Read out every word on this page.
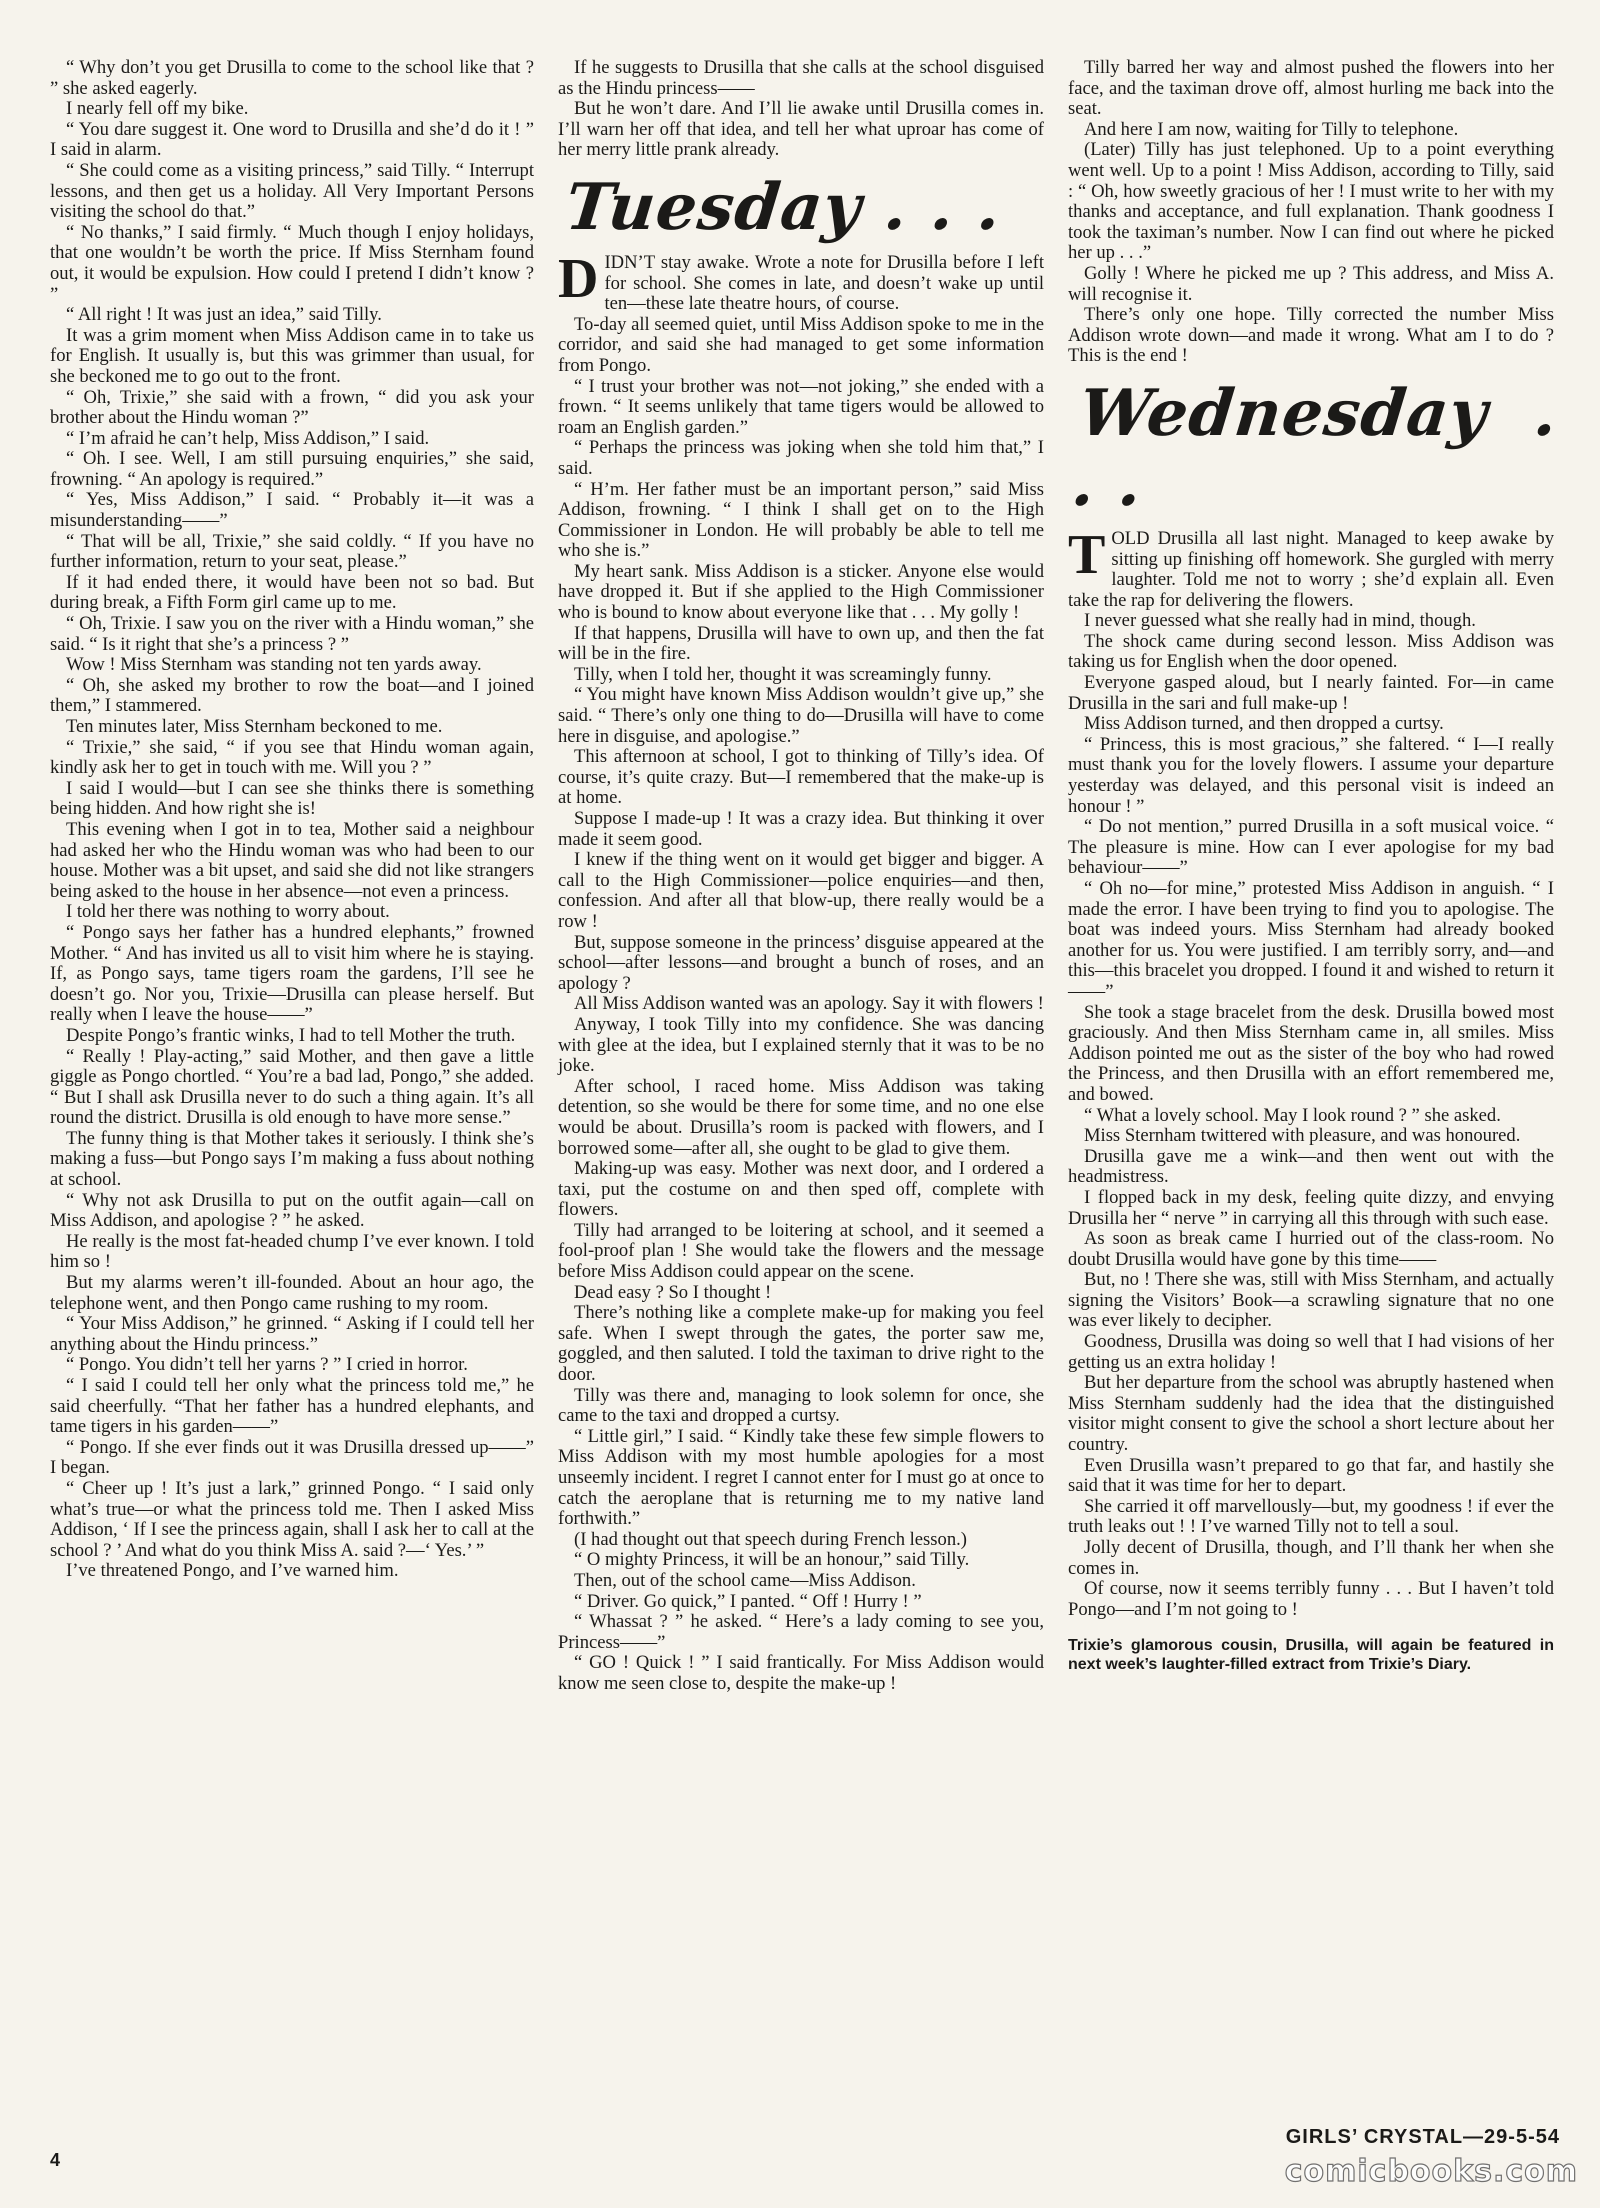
“ Why don’t you get Drusilla to come to the school like that ? ” she asked eagerly.

I nearly fell off my bike.

“ You dare suggest it. One word to Drusilla and she’d do it ! ” I said in alarm.

“ She could come as a visiting princess,” said Tilly. “ Interrupt lessons, and then get us a holiday. All Very Important Persons visiting the school do that.”

“ No thanks,” I said firmly. “ Much though I enjoy holidays, that one wouldn’t be worth the price. If Miss Sternham found out, it would be expulsion. How could I pretend I didn’t know ? ”

“ All right ! It was just an idea,” said Tilly.

It was a grim moment when Miss Addison came in to take us for English. It usually is, but this was grimmer than usual, for she beckoned me to go out to the front.

“ Oh, Trixie,” she said with a frown, “ did you ask your brother about the Hindu woman ?”

“ I’m afraid he can’t help, Miss Addison,” I said.

“ Oh. I see. Well, I am still pursuing enquiries,” she said, frowning. “ An apology is required.”

“ Yes, Miss Addison,” I said. “ Probably it—it was a misunderstanding——”

“ That will be all, Trixie,” she said coldly. “ If you have no further information, return to your seat, please.”

If it had ended there, it would have been not so bad. But during break, a Fifth Form girl came up to me.

“ Oh, Trixie. I saw you on the river with a Hindu woman,” she said. “ Is it right that she’s a princess ? ”

Wow ! Miss Sternham was standing not ten yards away.

“ Oh, she asked my brother to row the boat—and I joined them,” I stammered.

Ten minutes later, Miss Sternham beckoned to me.

“ Trixie,” she said, “ if you see that Hindu woman again, kindly ask her to get in touch with me. Will you ? ”

I said I would—but I can see she thinks there is something being hidden. And how right she is!

This evening when I got in to tea, Mother said a neighbour had asked her who the Hindu woman was who had been to our house. Mother was a bit upset, and said she did not like strangers being asked to the house in her absence—not even a princess.

I told her there was nothing to worry about.

“ Pongo says her father has a hundred elephants,” frowned Mother. “ And has invited us all to visit him where he is staying. If, as Pongo says, tame tigers roam the gardens, I’ll see he doesn’t go. Nor you, Trixie—Drusilla can please herself. But really when I leave the house——”

Despite Pongo’s frantic winks, I had to tell Mother the truth.

“ Really ! Play-acting,” said Mother, and then gave a little giggle as Pongo chortled. “ You’re a bad lad, Pongo,” she added. “ But I shall ask Drusilla never to do such a thing again. It’s all round the district. Drusilla is old enough to have more sense.”

The funny thing is that Mother takes it seriously. I think she’s making a fuss—but Pongo says I’m making a fuss about nothing at school.

“ Why not ask Drusilla to put on the outfit again—call on Miss Addison, and apologise ? ” he asked.

He really is the most fat-headed chump I’ve ever known. I told him so !

But my alarms weren’t ill-founded. About an hour ago, the telephone went, and then Pongo came rushing to my room.

“ Your Miss Addison,” he grinned. “ Asking if I could tell her anything about the Hindu princess.”

“ Pongo. You didn’t tell her yarns ? ” I cried in horror.

“ I said I could tell her only what the princess told me,” he said cheerfully. “That her father has a hundred elephants, and tame tigers in his garden——”

“ Pongo. If she ever finds out it was Drusilla dressed up——” I began.

“ Cheer up ! It’s just a lark,” grinned Pongo. “ I said only what’s true—or what the princess told me. Then I asked Miss Addison, ‘ If I see the princess again, shall I ask her to call at the school ? ’ And what do you think Miss A. said ?—‘ Yes.’ ”

I’ve threatened Pongo, and I’ve warned him.

If he suggests to Drusilla that she calls at the school disguised as the Hindu princess——

But he won’t dare. And I’ll lie awake until Drusilla comes in. I’ll warn her off that idea, and tell her what uproar has come of her merry little prank already.

Tuesday . . .

DIDN’T stay awake. Wrote a note for Drusilla before I left for school. She comes in late, and doesn’t wake up until ten—these late theatre hours, of course.

To-day all seemed quiet, until Miss Addison spoke to me in the corridor, and said she had managed to get some information from Pongo.

“ I trust your brother was not—not joking,” she ended with a frown. “ It seems unlikely that tame tigers would be allowed to roam an English garden.”

“ Perhaps the princess was joking when she told him that,” I said.

“ H’m. Her father must be an important person,” said Miss Addison, frowning. “ I think I shall get on to the High Commissioner in London. He will probably be able to tell me who she is.”

My heart sank. Miss Addison is a sticker. Anyone else would have dropped it. But if she applied to the High Commissioner who is bound to know about everyone like that . . . My golly !

If that happens, Drusilla will have to own up, and then the fat will be in the fire.

Tilly, when I told her, thought it was screamingly funny.

“ You might have known Miss Addison wouldn’t give up,” she said. “ There’s only one thing to do—Drusilla will have to come here in disguise, and apologise.”

This afternoon at school, I got to thinking of Tilly’s idea. Of course, it’s quite crazy. But—I remembered that the make-up is at home.

Suppose I made-up ! It was a crazy idea. But thinking it over made it seem good.

I knew if the thing went on it would get bigger and bigger. A call to the High Commissioner—police enquiries—and then, confession. And after all that blow-up, there really would be a row !

But, suppose someone in the princess’ disguise appeared at the school—after lessons—and brought a bunch of roses, and an apology ?

All Miss Addison wanted was an apology. Say it with flowers !

Anyway, I took Tilly into my confidence. She was dancing with glee at the idea, but I explained sternly that it was to be no joke.

After school, I raced home. Miss Addison was taking detention, so she would be there for some time, and no one else would be about. Drusilla’s room is packed with flowers, and I borrowed some—after all, she ought to be glad to give them.

Making-up was easy. Mother was next door, and I ordered a taxi, put the costume on and then sped off, complete with flowers.

Tilly had arranged to be loitering at school, and it seemed a fool-proof plan ! She would take the flowers and the message before Miss Addison could appear on the scene.

Dead easy ? So I thought !

There’s nothing like a complete make-up for making you feel safe. When I swept through the gates, the porter saw me, goggled, and then saluted. I told the taximan to drive right to the door.

Tilly was there and, managing to look solemn for once, she came to the taxi and dropped a curtsy.

“ Little girl,” I said. “ Kindly take these few simple flowers to Miss Addison with my most humble apologies for a most unseemly incident. I regret I cannot enter for I must go at once to catch the aeroplane that is returning me to my native land forthwith.”

(I had thought out that speech during French lesson.)

“ O mighty Princess, it will be an honour,” said Tilly.

Then, out of the school came—Miss Addison.

“ Driver. Go quick,” I panted. “ Off ! Hurry ! ”

“ Whassat ? ” he asked. “ Here’s a lady coming to see you, Princess——”

“ GO ! Quick ! ” I said frantically. For Miss Addison would know me seen close to, despite the make-up !

Tilly barred her way and almost pushed the flowers into her face, and the taximan drove off, almost hurling me back into the seat.

And here I am now, waiting for Tilly to telephone.

(Later) Tilly has just telephoned. Up to a point everything went well. Up to a point ! Miss Addison, according to Tilly, said : “ Oh, how sweetly gracious of her ! I must write to her with my thanks and acceptance, and full explanation. Thank goodness I took the taximan’s number. Now I can find out where he picked her up . . .”

Golly ! Where he picked me up ? This address, and Miss A. will recognise it.

There’s only one hope. Tilly corrected the number Miss Addison wrote down—and made it wrong. What am I to do ? This is the end !

Wednesday . . .

TOLD Drusilla all last night. Managed to keep awake by sitting up finishing off homework. She gurgled with merry laughter. Told me not to worry ; she’d explain all. Even take the rap for delivering the flowers.

I never guessed what she really had in mind, though.

The shock came during second lesson. Miss Addison was taking us for English when the door opened.

Everyone gasped aloud, but I nearly fainted. For—in came Drusilla in the sari and full make-up !

Miss Addison turned, and then dropped a curtsy.

“ Princess, this is most gracious,” she faltered. “ I—I really must thank you for the lovely flowers. I assume your departure yesterday was delayed, and this personal visit is indeed an honour ! ”

“ Do not mention,” purred Drusilla in a soft musical voice. “ The pleasure is mine. How can I ever apologise for my bad behaviour——”

“ Oh no—for mine,” protested Miss Addison in anguish. “ I made the error. I have been trying to find you to apologise. The boat was indeed yours. Miss Sternham had already booked another for us. You were justified. I am terribly sorry, and—and this—this bracelet you dropped. I found it and wished to return it——”

She took a stage bracelet from the desk. Drusilla bowed most graciously. And then Miss Sternham came in, all smiles. Miss Addison pointed me out as the sister of the boy who had rowed the Princess, and then Drusilla with an effort remembered me, and bowed.

“ What a lovely school. May I look round ? ” she asked.

Miss Sternham twittered with pleasure, and was honoured.

Drusilla gave me a wink—and then went out with the headmistress.

I flopped back in my desk, feeling quite dizzy, and envying Drusilla her “ nerve ” in carrying all this through with such ease.

As soon as break came I hurried out of the class-room. No doubt Drusilla would have gone by this time——

But, no ! There she was, still with Miss Sternham, and actually signing the Visitors’ Book—a scrawling signature that no one was ever likely to decipher.

Goodness, Drusilla was doing so well that I had visions of her getting us an extra holiday !

But her departure from the school was abruptly hastened when Miss Sternham suddenly had the idea that the distinguished visitor might consent to give the school a short lecture about her country.

Even Drusilla wasn’t prepared to go that far, and hastily she said that it was time for her to depart.

She carried it off marvellously—but, my goodness ! if ever the truth leaks out ! ! I’ve warned Tilly not to tell a soul.

Jolly decent of Drusilla, though, and I’ll thank her when she comes in.

Of course, now it seems terribly funny . . . But I haven’t told Pongo—and I’m not going to !

Trixie’s glamorous cousin, Drusilla, will again be featured in next week’s laughter-filled extract from Trixie’s Diary.

4
GIRLS’ CRYSTAL—29-5-54
comicbooks.com
